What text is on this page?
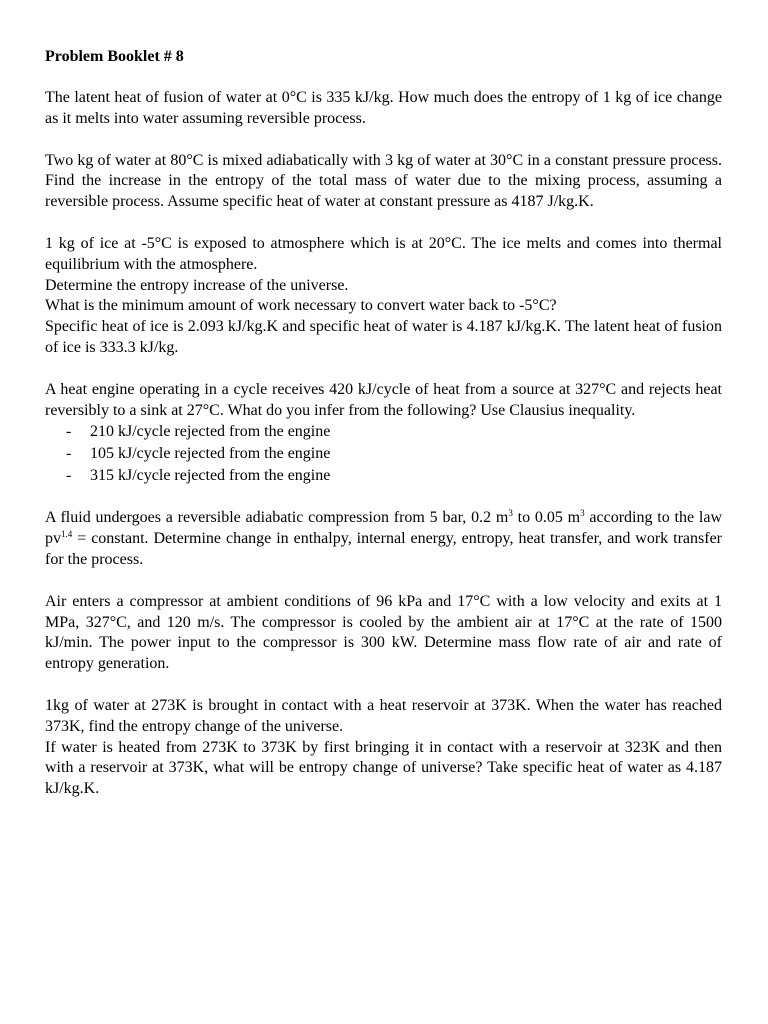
Problem Booklet # 8
The latent heat of fusion of water at 0°C is 335 kJ/kg. How much does the entropy of 1 kg of ice change as it melts into water assuming reversible process.
Two kg of water at 80°C is mixed adiabatically with 3 kg of water at 30°C in a constant pressure process. Find the increase in the entropy of the total mass of water due to the mixing process, assuming a reversible process. Assume specific heat of water at constant pressure as 4187 J/kg.K.
1 kg of ice at -5°C is exposed to atmosphere which is at 20°C. The ice melts and comes into thermal equilibrium with the atmosphere.
Determine the entropy increase of the universe.
What is the minimum amount of work necessary to convert water back to -5°C?
Specific heat of ice is 2.093 kJ/kg.K and specific heat of water is 4.187 kJ/kg.K. The latent heat of fusion of ice is 333.3 kJ/kg.
A heat engine operating in a cycle receives 420 kJ/cycle of heat from a source at 327°C and rejects heat reversibly to a sink at 27°C. What do you infer from the following? Use Clausius inequality.
- 210 kJ/cycle rejected from the engine
- 105 kJ/cycle rejected from the engine
- 315 kJ/cycle rejected from the engine
A fluid undergoes a reversible adiabatic compression from 5 bar, 0.2 $m^3$ to 0.05 $m^3$ according to the law $pv^{1.4}$ = constant. Determine change in enthalpy, internal energy, entropy, heat transfer, and work transfer for the process.
Air enters a compressor at ambient conditions of 96 kPa and 17°C with a low velocity and exits at 1 MPa, 327°C, and 120 m/s. The compressor is cooled by the ambient air at 17°C at the rate of 1500 kJ/min. The power input to the compressor is 300 kW. Determine mass flow rate of air and rate of entropy generation.
1kg of water at 273K is brought in contact with a heat reservoir at 373K. When the water has reached 373K, find the entropy change of the universe.
If water is heated from 273K to 373K by first bringing it in contact with a reservoir at 323K and then with a reservoir at 373K, what will be entropy change of universe? Take specific heat of water as 4.187 kJ/kg.K.
